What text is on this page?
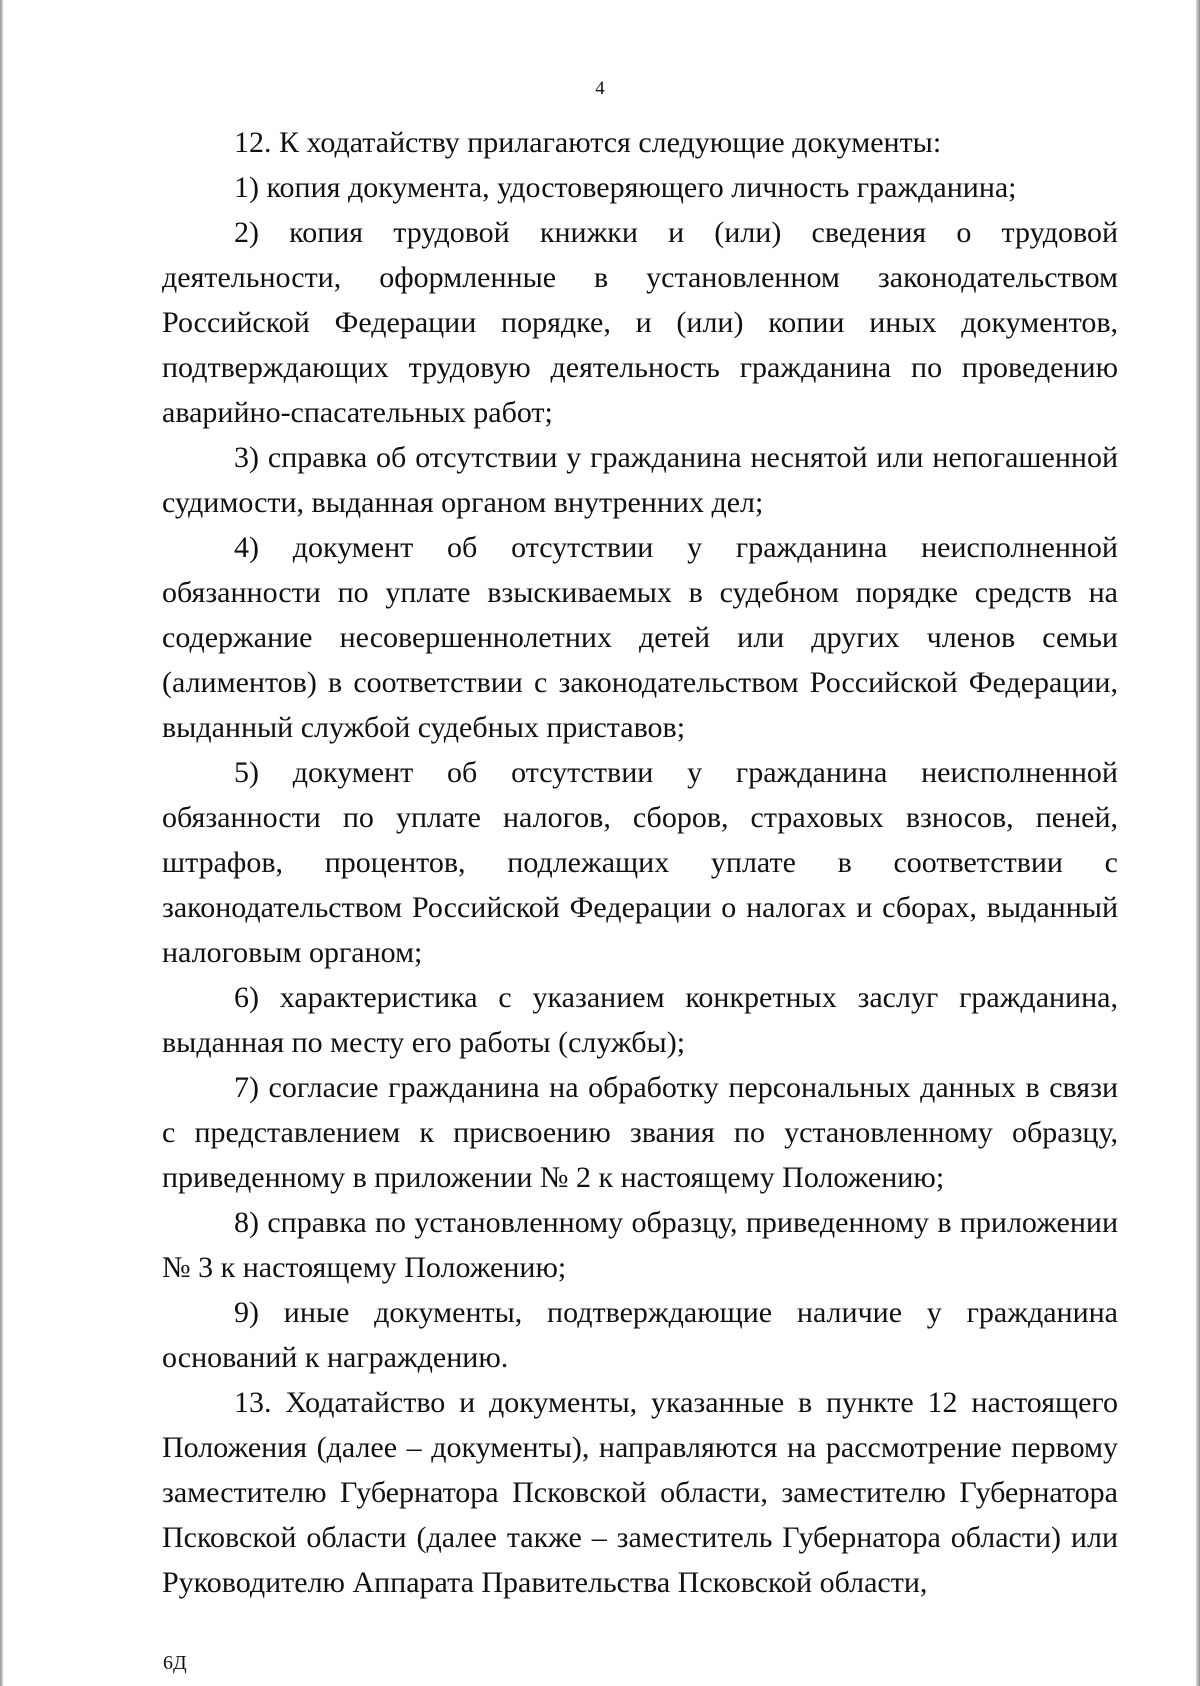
4

12. К ходатайству прилагаются следующие документы:

1) копия документа, удостоверяющего личность гражданина;

2) копия трудовой книжки и (или) сведения о трудовой деятельности, оформленные в установленном законодательством Российской Федерации порядке, и (или) копии иных документов, подтверждающих трудовую деятельность гражданина по проведению аварийно-спасательных работ;

3) справка об отсутствии у гражданина неснятой или непогашенной судимости, выданная органом внутренних дел;

4) документ об отсутствии у гражданина неисполненной обязанности по уплате взыскиваемых в судебном порядке средств на содержание несовершеннолетних детей или других членов семьи (алиментов) в соответствии с законодательством Российской Федерации, выданный службой судебных приставов;

5) документ об отсутствии у гражданина неисполненной обязанности по уплате налогов, сборов, страховых взносов, пеней, штрафов, процентов, подлежащих уплате в соответствии с законодательством Российской Федерации о налогах и сборах, выданный налоговым органом;

6) характеристика с указанием конкретных заслуг гражданина, выданная по месту его работы (службы);

7) согласие гражданина на обработку персональных данных в связи с представлением к присвоению звания по установленному образцу, приведенному в приложении № 2 к настоящему Положению;

8) справка по установленному образцу, приведенному в приложении № 3 к настоящему Положению;

9) иные документы, подтверждающие наличие у гражданина оснований к награждению.

13. Ходатайство и документы, указанные в пункте 12 настоящего Положения (далее – документы), направляются на рассмотрение первому заместителю Губернатора Псковской области, заместителю Губернатора Псковской области (далее также – заместитель Губернатора области) или Руководителю Аппарата Правительства Псковской области,

6Д
